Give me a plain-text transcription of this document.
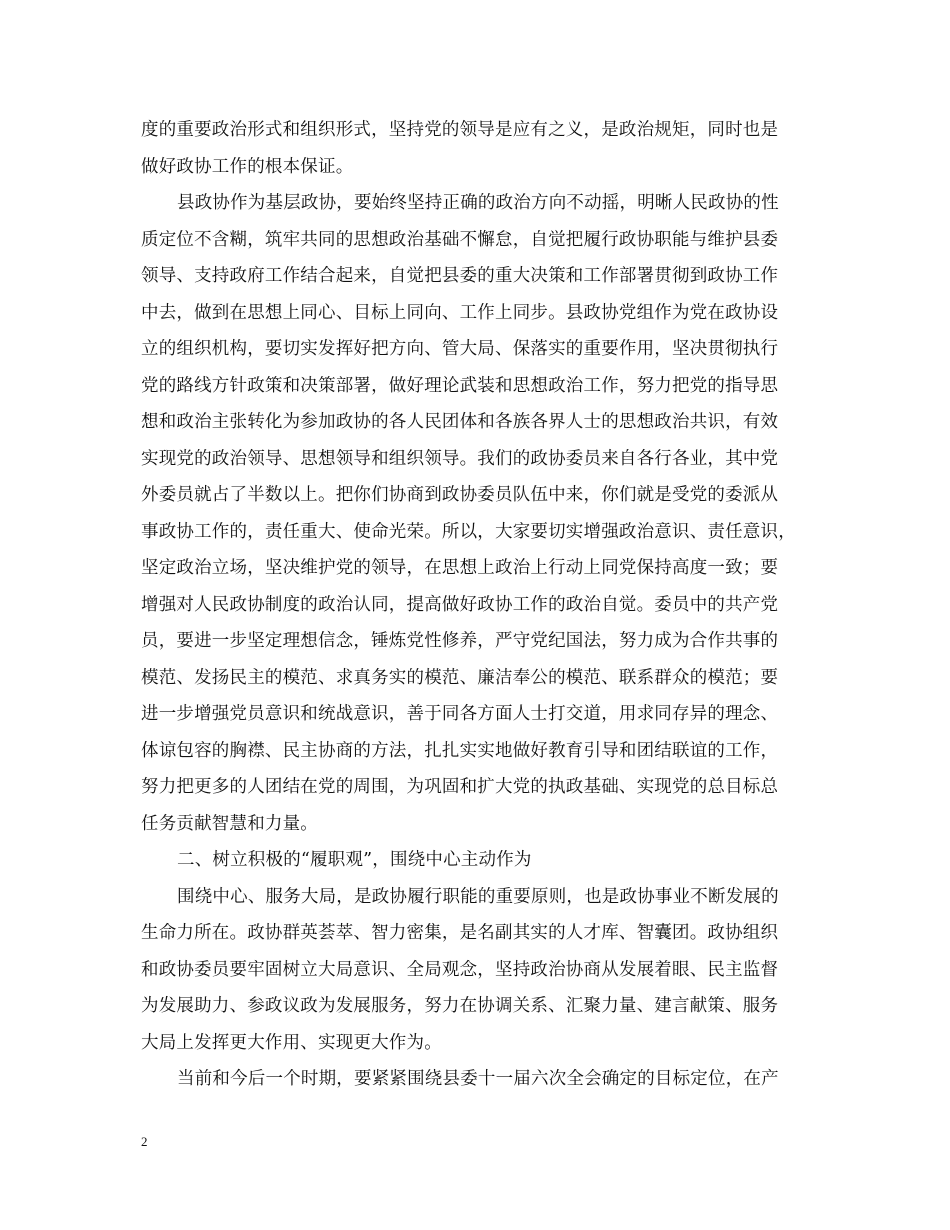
度的重要政治形式和组织形式，坚持党的领导是应有之义，是政治规矩，同时也是
做好政协工作的根本保证。
县政协作为基层政协，要始终坚持正确的政治方向不动摇，明晰人民政协的性
质定位不含糊，筑牢共同的思想政治基础不懈怠，自觉把履行政协职能与维护县委
领导、支持政府工作结合起来，自觉把县委的重大决策和工作部署贯彻到政协工作
中去，做到在思想上同心、目标上同向、工作上同步。县政协党组作为党在政协设
立的组织机构，要切实发挥好把方向、管大局、保落实的重要作用，坚决贯彻执行
党的路线方针政策和决策部署，做好理论武装和思想政治工作，努力把党的指导思
想和政治主张转化为参加政协的各人民团体和各族各界人士的思想政治共识，有效
实现党的政治领导、思想领导和组织领导。我们的政协委员来自各行各业，其中党
外委员就占了半数以上。把你们协商到政协委员队伍中来，你们就是受党的委派从
事政协工作的，责任重大、使命光荣。所以，大家要切实增强政治意识、责任意识，
坚定政治立场，坚决维护党的领导，在思想上政治上行动上同党保持高度一致；要
增强对人民政协制度的政治认同，提高做好政协工作的政治自觉。委员中的共产党
员，要进一步坚定理想信念，锤炼党性修养，严守党纪国法，努力成为合作共事的
模范、发扬民主的模范、求真务实的模范、廉洁奉公的模范、联系群众的模范；要
进一步增强党员意识和统战意识，善于同各方面人士打交道，用求同存异的理念、
体谅包容的胸襟、民主协商的方法，扎扎实实地做好教育引导和团结联谊的工作，
努力把更多的人团结在党的周围，为巩固和扩大党的执政基础、实现党的总目标总
任务贡献智慧和力量。
二、树立积极的“履职观”，围绕中心主动作为
围绕中心、服务大局，是政协履行职能的重要原则，也是政协事业不断发展的
生命力所在。政协群英荟萃、智力密集，是名副其实的人才库、智囊团。政协组织
和政协委员要牢固树立大局意识、全局观念，坚持政治协商从发展着眼、民主监督
为发展助力、参政议政为发展服务，努力在协调关系、汇聚力量、建言献策、服务
大局上发挥更大作用、实现更大作为。
当前和今后一个时期，要紧紧围绕县委十一届六次全会确定的目标定位，在产
2
